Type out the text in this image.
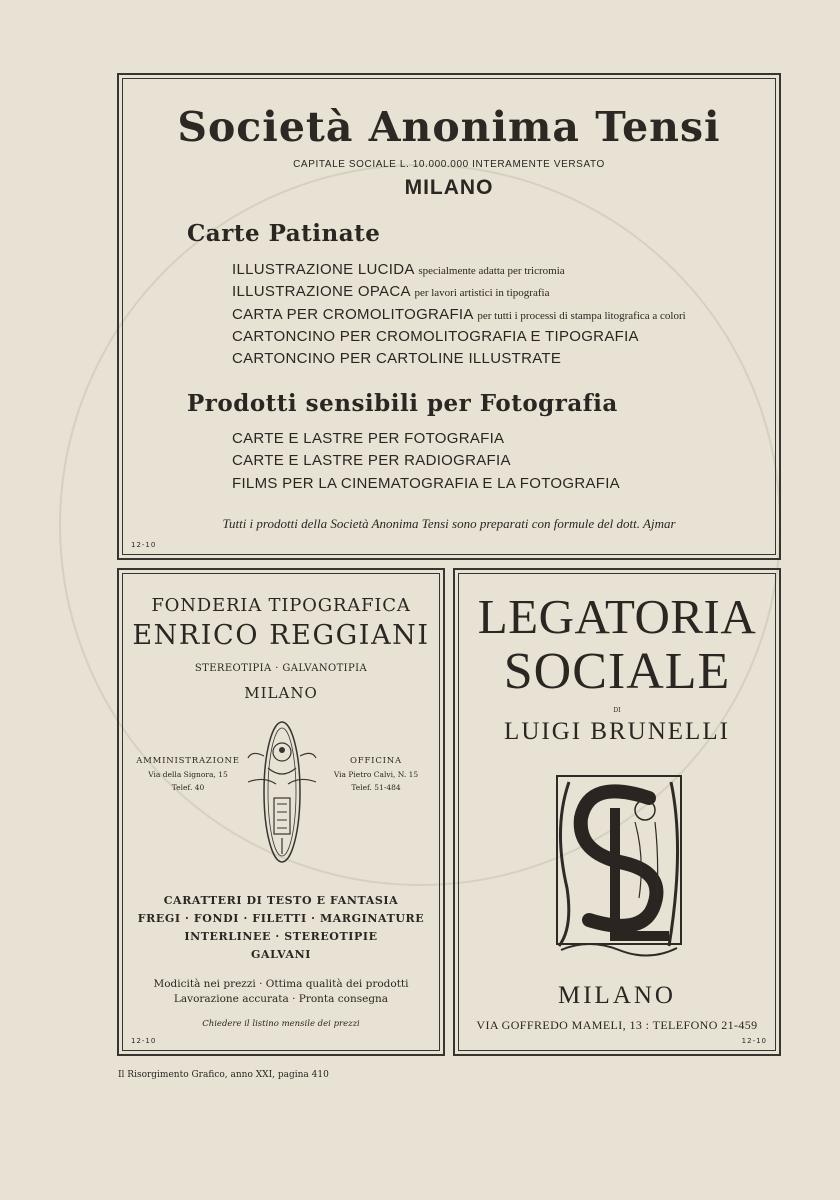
Società Anonima Tensi
CAPITALE SOCIALE L. 10.000.000 INTERAMENTE VERSATO
MILANO
Carte Patinate
ILLUSTRAZIONE LUCIDA specialmente adatta per tricromia
ILLUSTRAZIONE OPACA per lavori artistici in tipografia
CARTA PER CROMOLITOGRAFIA per tutti i processi di stampa litografica a colori
CARTONCINO PER CROMOLITOGRAFIA E TIPOGRAFIA
CARTONCINO PER CARTOLINE ILLUSTRATE
Prodotti sensibili per Fotografia
CARTE E LASTRE PER FOTOGRAFIA
CARTE E LASTRE PER RADIOGRAFIA
FILMS PER LA CINEMATOGRAFIA E LA FOTOGRAFIA
Tutti i prodotti della Società Anonima Tensi sono preparati con formule del dott. Ajmar
12-10
FONDERIA TIPOGRAFICA
ENRICO REGGIANI
STEREOTIPIA · GALVANOTIPIA
MILANO
AMMINISTRAZIONE
Via della Signora, 15
Telef. 40
OFFICINA
Via Pietro Calvi, N. 15
Telef. 51-484
CARATTERI DI TESTO E FANTASIA
FREGI · FONDI · FILETTI · MARGINATURE
INTERLINEE · STEREOTIPIE
GALVANI
Modicità nei prezzi · Ottima qualità dei prodotti
Lavorazione accurata · Pronta consegna
Chiedere il listino mensile dei prezzi
12-10
LEGATORIA
SOCIALE
DI
LUIGI BRUNELLI
MILANO
VIA GOFFREDO MAMELI, 13 : TELEFONO 21-459
12-10
Il Risorgimento Grafico, anno XXI, pagina 410
